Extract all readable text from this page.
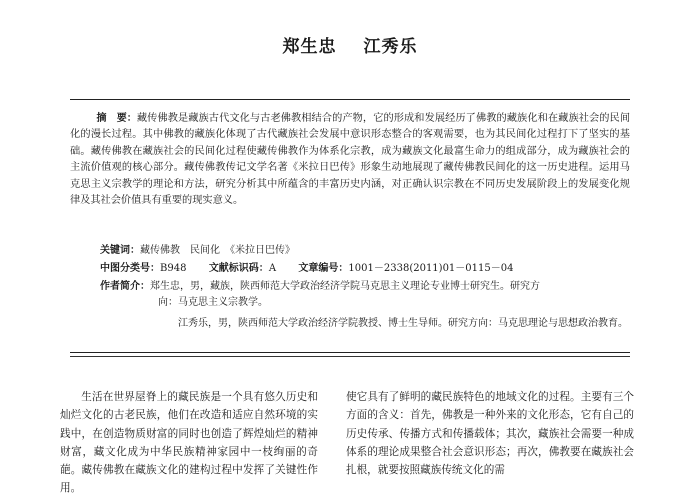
郑生忠 江秀乐
摘　要：藏传佛教是藏族古代文化与古老佛教相结合的产物，它的形成和发展经历了佛教的藏族化和在藏族社会的民间化的漫长过程。其中佛教的藏族化体现了古代藏族社会发展中意识形态整合的客观需要，也为其民间化过程打下了坚实的基础。藏传佛教在藏族社会的民间化过程使藏传佛教作为体系化宗教，成为藏族文化最富生命力的组成部分，成为藏族社会的主流价值观的核心部分。藏传佛教传记文学名著《米拉日巴传》形象生动地展现了藏传佛教民间化的这一历史进程。运用马克思主义宗教学的理论和方法，研究分析其中所蕴含的丰富历史内涵，对正确认识宗教在不同历史发展阶段上的发展变化规律及其社会价值具有重要的现实意义。
关键词：藏传佛教　民间化　《米拉日巴传》
中图分类号：B948 文献标识码：A 文章编号：1001－2338(2011)01－0115－04
作者简介：郑生忠，男，藏族，陕西师范大学政治经济学院马克思主义理论专业博士研究生。研究方
向：马克思主义宗教学。
江秀乐，男，陕西师范大学政治经济学院教授、博士生导师。研究方向：马克思理论与思想政治教育。
生活在世界屋脊上的藏民族是一个具有悠久历史和灿烂文化的古老民族，他们在改造和适应自然环境的实践中，在创造物质财富的同时也创造了辉煌灿烂的精神财富，藏文化成为中华民族精神家园中一枝绚丽的奇葩。藏传佛教在藏族文化的建构过程中发挥了关键性作用。
使它具有了鲜明的藏民族特色的地域文化的过程。主要有三个方面的含义：首先，佛教是一种外来的文化形态，它有自己的历史传承、传播方式和传播载体；其次，藏族社会需要一种成体系的理论成果整合社会意识形态；再次，佛教要在藏族社会扎根，就要按照藏族传统文化的需
